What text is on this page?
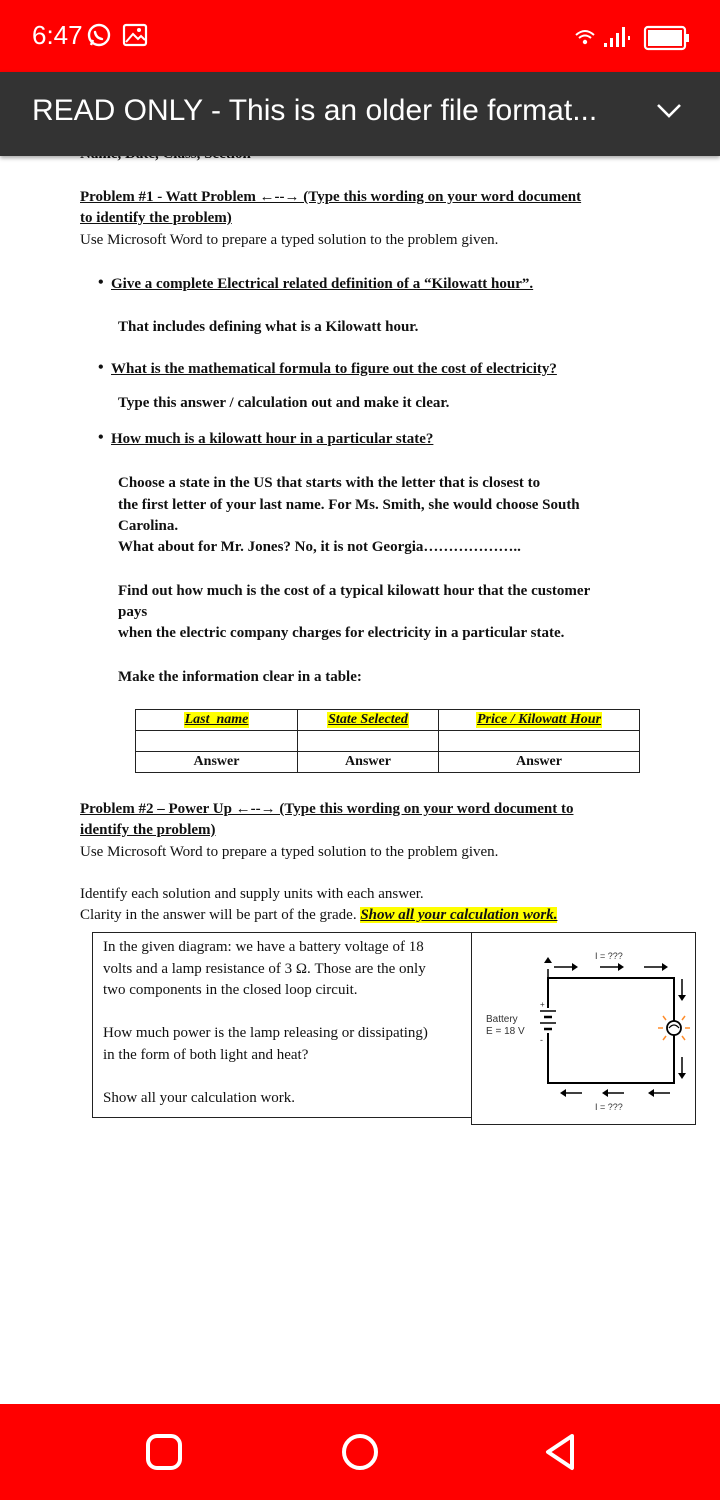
6:47
READ ONLY - This is an older file format...
Problem #1 - Watt Problem ←--→ (Type this wording on your word document
to identify the problem)
Use Microsoft Word to prepare a typed solution to the problem given.
• Give a complete Electrical related definition of a “Kilowatt hour”.
That includes defining what is a Kilowatt hour.
• What is the mathematical formula to figure out the cost of electricity?
Type this answer / calculation out and make it clear.
• How much is a kilowatt hour in a particular state?
Choose a state in the US that starts with the letter that is closest to
the first letter of your last name. For Ms. Smith, she would choose South
Carolina.
What about for Mr. Jones? No, it is not Georgia………………..
Find out how much is the cost of a typical kilowatt hour that the customer
pays
when the electric company charges for electricity in a particular state.
Make the information clear in a table:
Last_name	State Selected	Price / Kilowatt Hour

Answer	Answer	Answer
Problem #2 – Power Up ←--→ (Type this wording on your word document to
identify the problem)
Use Microsoft Word to prepare a typed solution to the problem given.
Identify each solution and supply units with each answer.
Clarity in the answer will be part of the grade. Show all your calculation work.
In the given diagram: we have a battery voltage of 18
volts and a lamp resistance of 3 Ω. Those are the only
two components in the closed loop circuit.
How much power is the lamp releasing or dissipating)
in the form of both light and heat?
Show all your calculation work.
I = ???
+
-
Battery
E = 18 V
I = ???
